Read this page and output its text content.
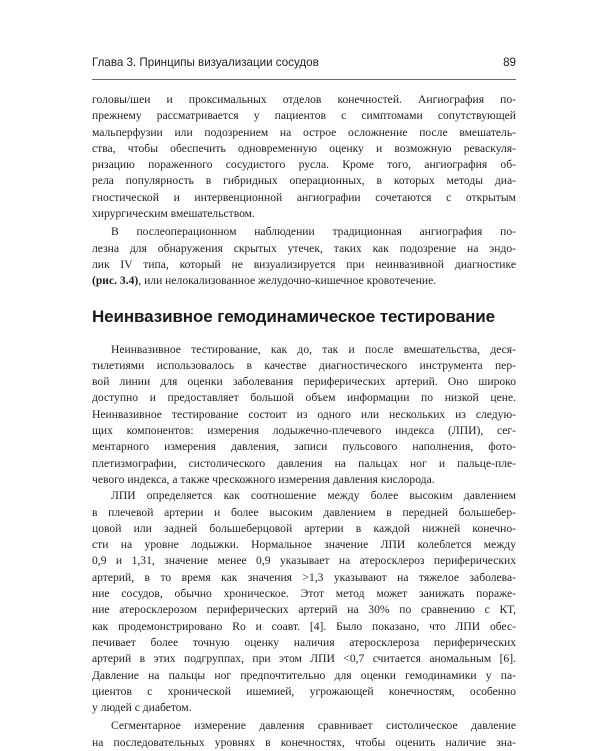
Глава 3. Принципы визуализации сосудов	89

головы/шеи и проксимальных отделов конечностей. Ангиография по-
прежнему рассматривается у пациентов с симптомами сопутствующей
мальперфузии или подозрением на острое осложнение после вмешатель-
ства, чтобы обеспечить одновременную оценку и возможную реваскуля-
ризацию пораженного сосудистого русла. Кроме того, ангиография об-
рела популярность в гибридных операционных, в которых методы диа-
гностической и интервенционной ангиографии сочетаются с открытым
хирургическим вмешательством.

В послеоперационном наблюдении традиционная ангиография по-
лезна для обнаружения скрытых утечек, таких как подозрение на эндо-
лик IV типа, который не визуализируется при неинвазивной диагностике
(рис. 3.4), или нелокализованное желудочно-кишечное кровотечение.

Неинвазивное гемодинамическое тестирование

Неинвазивное тестирование, как до, так и после вмешательства, деся-
тилетиями использовалось в качестве диагностического инструмента пер-
вой линии для оценки заболевания периферических артерий. Оно широко
доступно и предоставляет большой объем информации по низкой цене.
Неинвазивное тестирование состоит из одного или нескольких из следую-
щих компонентов: измерения лодыжечно-плечевого индекса (ЛПИ), сег-
ментарного измерения давления, записи пульсового наполнения, фото-
плетизмографии, систолического давления на пальцах ног и пальце-пле-
чевого индекса, а также чрескожного измерения давления кислорода.

ЛПИ определяется как соотношение между более высоким давлением
в плечевой артерии и более высоким давлением в передней большебер-
цовой или задней большеберцовой артерии в каждой нижней конечно-
сти на уровне лодыжки. Нормальное значение ЛПИ колеблется между
0,9 и 1,31, значение менее 0,9 указывает на атеросклероз периферических
артерий, в то время как значения >1,3 указывают на тяжелое заболева-
ние сосудов, обычно хроническое. Этот метод может занижать пораже-
ние атеросклерозом периферических артерий на 30% по сравнению с КТ,
как продемонстрировано Ro и соавт. [4]. Было показано, что ЛПИ обес-
печивает более точную оценку наличия атеросклероза периферических
артерий в этих подгруппах, при этом ЛПИ <0,7 считается аномальным [6].
Давление на пальцы ног предпочтительно для оценки гемодинамики у па-
циентов с хронической ишемией, угрожающей конечностям, особенно
у людей с диабетом.

Сегментарное измерение давления сравнивает систолическое давление
на последовательных уровнях в конечностях, чтобы оценить наличие зна-
